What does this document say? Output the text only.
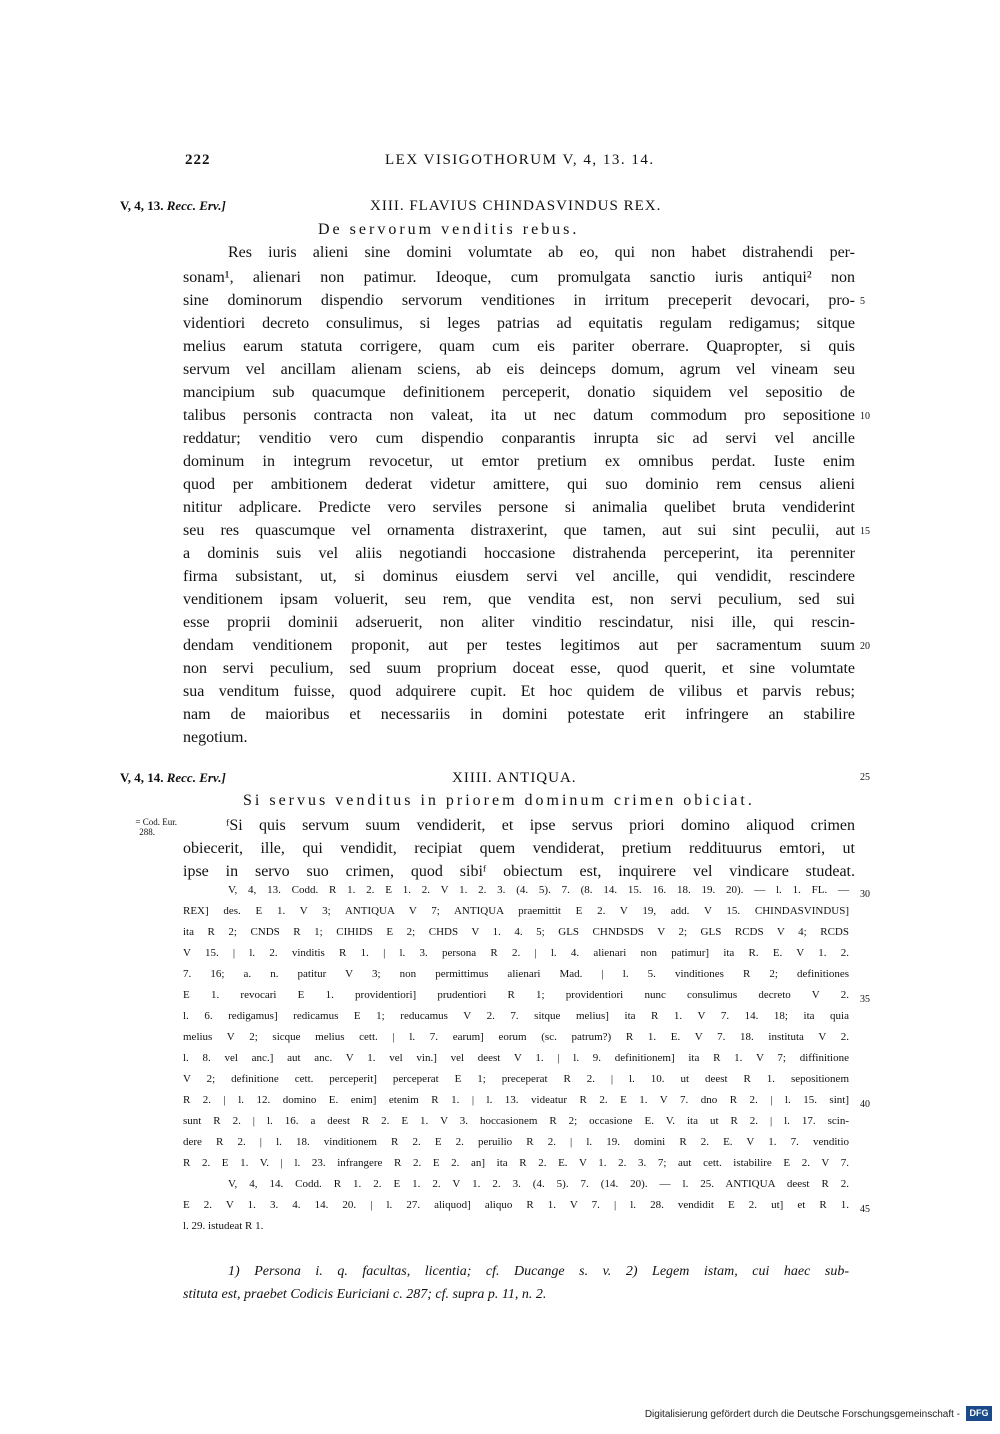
222	LEX VISIGOTHORUM V, 4, 13. 14.
V, 4, 13. Recc. Erv.]	XIII. FLAVIUS CHINDASVINDUS REX.
De servorum venditis rebus.
Res iuris alieni sine domini volumtate ab eo, qui non habet distrahendi per-
sonam¹, alienari non patimur. Ideoque, cum promulgata sanctio iuris antiqui² non
sine dominorum dispendio servorum venditiones in irritum preceperit devocari, pro-
videntiori decreto consulimus, si leges patrias ad equitatis regulam redigamus; sitque
melius earum statuta corrigere, quam cum eis pariter oberrare. Quapropter, si quis
servum vel ancillam alienam sciens, ab eis deinceps domum, agrum vel vineam seu
mancipium sub quacumque definitionem perceperit, donatio siquidem vel sepositio de
talibus personis contracta non valeat, ita ut nec datum commodum pro sepositione
reddatur; venditio vero cum dispendio conparantis inrupta sic ad servi vel ancille
dominum in integrum revocetur, ut emtor pretium ex omnibus perdat. Iuste enim
quod per ambitionem dederat videtur amittere, qui suo dominio rem census alieni
nititur adplicare. Predicte vero serviles persone si animalia quelibet bruta vendiderint
seu res quascumque vel ornamenta distraxerint, que tamen, aut sui sint peculii, aut
a dominis suis vel aliis negotiandi hoccasione distrahenda perceperint, ita perenniter
firma subsistant, ut, si dominus eiusdem servi vel ancille, qui vendidit, rescindere
venditionem ipsam voluerit, seu rem, que vendita est, non servi peculium, sed sui
esse proprii dominii adseruerit, non aliter vinditio rescindatur, nisi ille, qui rescin-
dendam venditionem proponit, aut per testes legitimos aut per sacramentum suum
non servi peculium, sed suum proprium doceat esse, quod querit, et sine volumtate
sua venditum fuisse, quod adquirere cupit. Et hoc quidem de vilibus et parvis rebus;
nam de maioribus et necessariis in domini potestate erit infringere an stabilire
negotium.
5
10
15
20
V, 4, 14. Recc. Erv.]	XIIII. ANTIQUA.	25
Si servus venditus in priorem dominum crimen obiciat.
= Cod. Eur.
288.	ᶠSi quis servum suum vendiderit, et ipse servus priori domino aliquod crimen
obiecerit, ille, qui vendidit, recipiat quem vendiderat, pretium reddituurus emtori, ut
ipse in servo suo crimen, quod sibiᶠ obiectum est, inquirere vel vindicare studeat.
V, 4, 13. Codd. R 1. 2. E 1. 2. V 1. 2. 3. (4. 5). 7. (8. 14. 15. 16. 18. 19. 20). — l. 1. FL. —
REX] des. E 1. V 3; ANTIQUA V 7; ANTIQUA praemittit E 2. V 19, add. V 15. CHINDASVINDUS]
ita R 2; CNDS R 1; CIHIDS E 2; CHDS V 1. 4. 5; GLS CHNDSDS V 2; GLS RCDS V 4; RCDS
V 15. | l. 2. vinditis R 1. | l. 3. persona R 2. | l. 4. alienari non patimur] ita R. E. V 1. 2.
7. 16; a. n. patitur V 3; non permittimus alienari Mad. | l. 5. vinditiones R 2; definitiones
E 1. revocari E 1. providentiori] prudentiori R 1; providentiori nunc consulimus decreto V 2.
l. 6. redigamus] redicamus E 1; reducamus V 2. 7. sitque melius] ita R 1. V 7. 14. 18; ita quia
melius V 2; sicque melius cett. | l. 7. earum] eorum (sc. patrum?) R 1. E. V 7. 18. instituta V 2.
l. 8. vel anc.] aut anc. V 1. vel vin.] vel deest V 1. | l. 9. definitionem] ita R 1. V 7; diffinitione
V 2; definitione cett. perceperit] perceperat E 1; preceperat R 2. | l. 10. ut deest R 1. sepositionem
R 2. | l. 12. domino E. enim] etenim R 1. | l. 13. videatur R 2. E 1. V 7. dno R 2. | l. 15. sint]
sunt R 2. | l. 16. a deest R 2. E 1. V 3. hoccasionem R 2; occasione E. V. ita ut R 2. | l. 17. scin-
dere R 2. | l. 18. vinditionem R 2. E 2. peruilio R 2. | l. 19. domini R 2. E. V 1. 7. venditio
R 2. E 1. V. | l. 23. infrangere R 2. E 2. an] ita R 2. E. V 1. 2. 3. 7; aut cett. istabilire E 2. V 7.
V, 4, 14. Codd. R 1. 2. E 1. 2. V 1. 2. 3. (4. 5). 7. (14. 20). — l. 25. ANTIQUA deest R 2.
E 2. V 1. 3. 4. 14. 20. | l. 27. aliquod] aliquo R 1. V 7. | l. 28. vendidit E 2. ut] et R 1.
l. 29. istudeat R 1.
30
35
40
45
1) Persona i. q. facultas, licentia; cf. Ducange s. v. 2) Legem istam, cui haec sub-
stituta est, praebet Codicis Euriciani c. 287; cf. supra p. 11, n. 2.
Digitalisierung gefördert durch die Deutsche Forschungsgemeinschaft -	DFG
